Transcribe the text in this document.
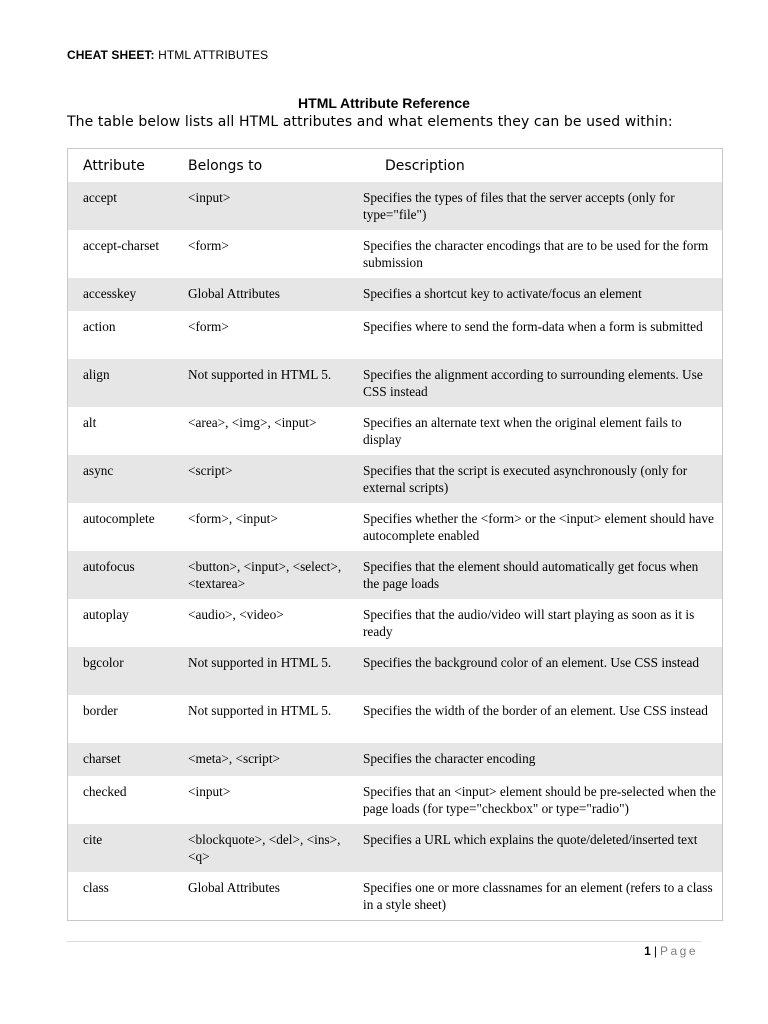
CHEAT SHEET: HTML ATTRIBUTES
HTML Attribute Reference
The table below lists all HTML attributes and what elements they can be used within:
Attribute	Belongs to	Description
accept	<input>	Specifies the types of files that the server accepts (only for type="file")
accept-charset	<form>	Specifies the character encodings that are to be used for the form submission
accesskey	Global Attributes	Specifies a shortcut key to activate/focus an element
action	<form>	Specifies where to send the form-data when a form is submitted
align	Not supported in HTML 5.	Specifies the alignment according to surrounding elements. Use CSS instead
alt	<area>, <img>, <input>	Specifies an alternate text when the original element fails to display
async	<script>	Specifies that the script is executed asynchronously (only for external scripts)
autocomplete	<form>, <input>	Specifies whether the <form> or the <input> element should have autocomplete enabled
autofocus	<button>, <input>, <select>, <textarea>	Specifies that the element should automatically get focus when the page loads
autoplay	<audio>, <video>	Specifies that the audio/video will start playing as soon as it is ready
bgcolor	Not supported in HTML 5.	Specifies the background color of an element. Use CSS instead
border	Not supported in HTML 5.	Specifies the width of the border of an element. Use CSS instead
charset	<meta>, <script>	Specifies the character encoding
checked	<input>	Specifies that an <input> element should be pre-selected when the page loads (for type="checkbox" or type="radio")
cite	<blockquote>, <del>, <ins>, <q>	Specifies a URL which explains the quote/deleted/inserted text
class	Global Attributes	Specifies one or more classnames for an element (refers to a class in a style sheet)
1 | Page
